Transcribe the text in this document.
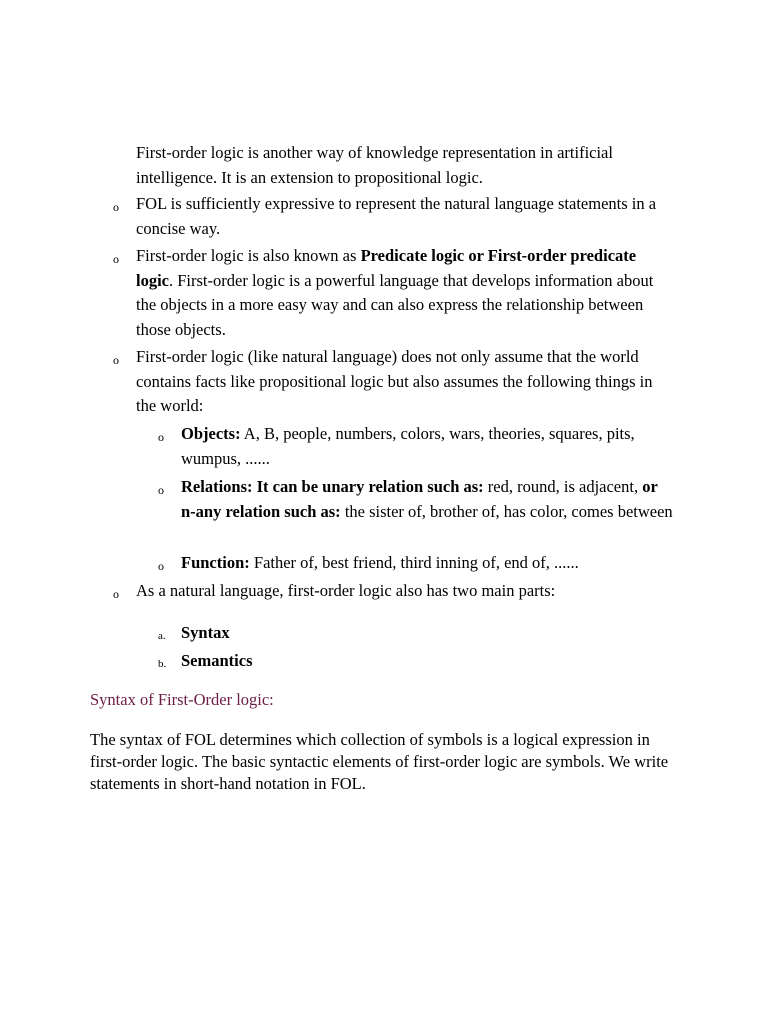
First-order logic is another way of knowledge representation in artificial intelligence. It is an extension to propositional logic.
o FOL is sufficiently expressive to represent the natural language statements in a concise way.
o First-order logic is also known as Predicate logic or First-order predicate logic. First-order logic is a powerful language that develops information about the objects in a more easy way and can also express the relationship between those objects.
o First-order logic (like natural language) does not only assume that the world contains facts like propositional logic but also assumes the following things in the world:
o Objects: A, B, people, numbers, colors, wars, theories, squares, pits, wumpus, ......
o Relations: It can be unary relation such as: red, round, is adjacent, or n-any relation such as: the sister of, brother of, has color, comes between
o Function: Father of, best friend, third inning of, end of, ......
o As a natural language, first-order logic also has two main parts:
a. Syntax
b. Semantics
Syntax of First-Order logic:
The syntax of FOL determines which collection of symbols is a logical expression in first-order logic. The basic syntactic elements of first-order logic are symbols. We write statements in short-hand notation in FOL.
